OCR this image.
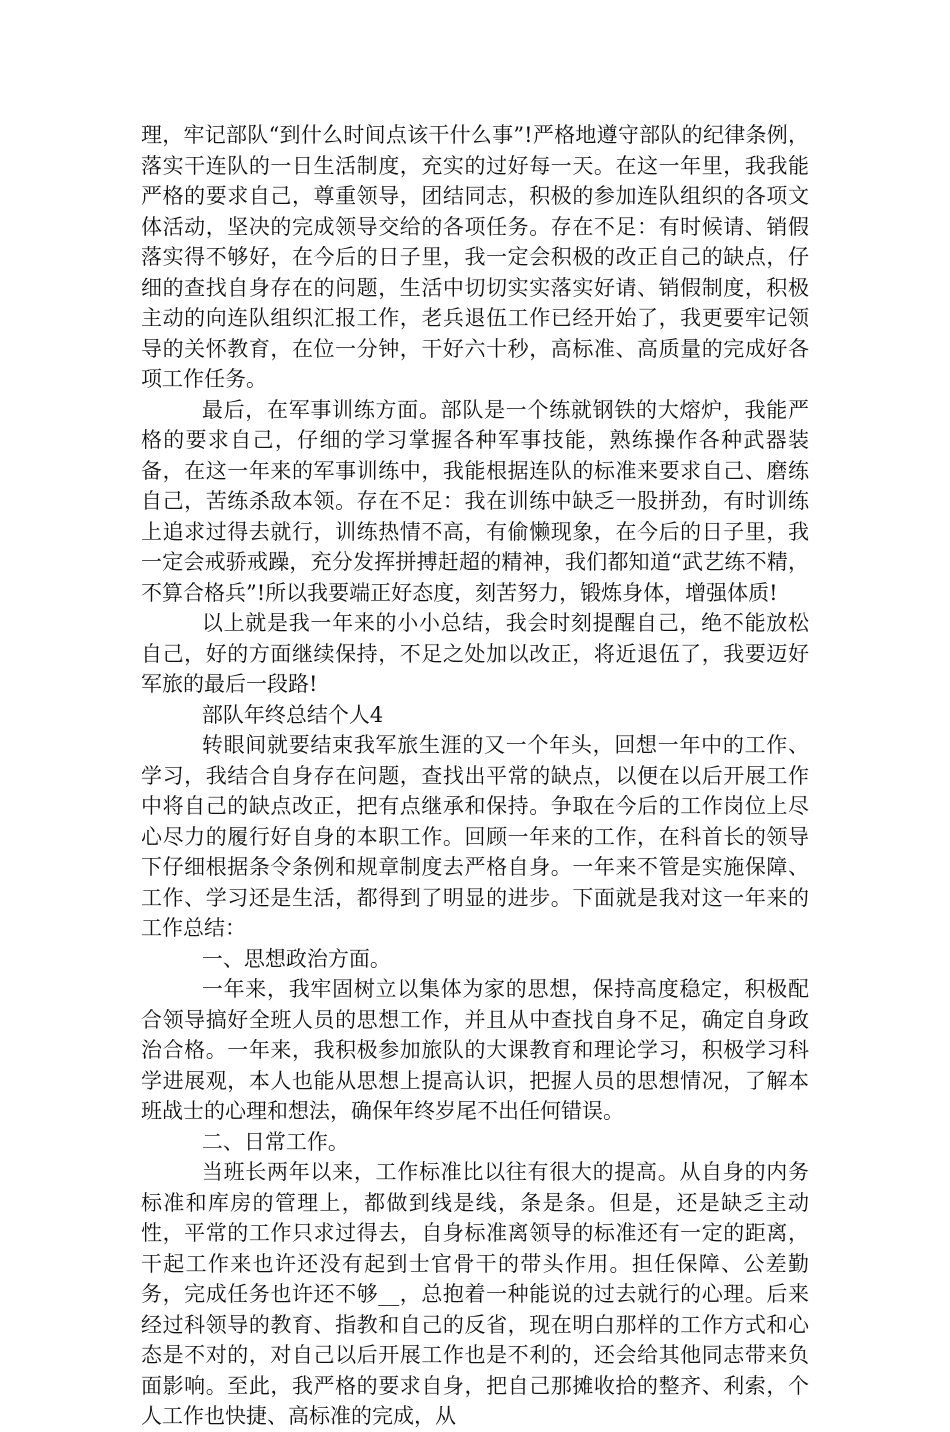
理，牢记部队“到什么时间点该干什么事”!严格地遵守部队的纪律条例，落实干连队的一日生活制度，充实的过好每一天。在这一年里，我我能严格的要求自己，尊重领导，团结同志，积极的参加连队组织的各项文体活动，坚决的完成领导交给的各项任务。存在不足：有时候请、销假落实得不够好，在今后的日子里，我一定会积极的改正自己的缺点，仔细的查找自身存在的问题，生活中切切实实落实好请、销假制度，积极主动的向连队组织汇报工作，老兵退伍工作已经开始了，我更要牢记领导的关怀教育，在位一分钟，干好六十秒，高标准、高质量的完成好各项工作任务。

最后，在军事训练方面。部队是一个练就钢铁的大熔炉，我能严格的要求自己，仔细的学习掌握各种军事技能，熟练操作各种武器装备，在这一年来的军事训练中，我能根据连队的标准来要求自己、磨练自己，苦练杀敌本领。存在不足：我在训练中缺乏一股拼劲，有时训练上追求过得去就行，训练热情不高，有偷懒现象，在今后的日子里，我一定会戒骄戒躁，充分发挥拼搏赶超的精神，我们都知道“武艺练不精，不算合格兵”!所以我要端正好态度，刻苦努力，锻炼身体，增强体质!

以上就是我一年来的小小总结，我会时刻提醒自己，绝不能放松自己，好的方面继续保持，不足之处加以改正，将近退伍了，我要迈好军旅的最后一段路!

部队年终总结个人4

转眼间就要结束我军旅生涯的又一个年头，回想一年中的工作、学习，我结合自身存在问题，查找出平常的缺点，以便在以后开展工作中将自己的缺点改正，把有点继承和保持。争取在今后的工作岗位上尽心尽力的履行好自身的本职工作。回顾一年来的工作，在科首长的领导下仔细根据条令条例和规章制度去严格自身。一年来不管是实施保障、工作、学习还是生活，都得到了明显的进步。下面就是我对这一年来的工作总结：

一、思想政治方面。

一年来，我牢固树立以集体为家的思想，保持高度稳定，积极配合领导搞好全班人员的思想工作，并且从中查找自身不足，确定自身政治合格。一年来，我积极参加旅队的大课教育和理论学习，积极学习科学进展观，本人也能从思想上提高认识，把握人员的思想情况，了解本班战士的心理和想法，确保年终岁尾不出任何错误。

二、日常工作。

当班长两年以来，工作标准比以往有很大的提高。从自身的内务标准和库房的管理上，都做到线是线，条是条。但是，还是缺乏主动性，平常的工作只求过得去，自身标准离领导的标准还有一定的距离，干起工作来也许还没有起到士官骨干的带头作用。担任保障、公差勤务，完成任务也许还不够__，总抱着一种能说的过去就行的心理。后来经过科领导的教育、指教和自己的反省，现在明白那样的工作方式和心态是不对的，对自己以后开展工作也是不利的，还会给其他同志带来负面影响。至此，我严格的要求自身，把自己那摊收拾的整齐、利索，个人工作也快捷、高标准的完成，从
